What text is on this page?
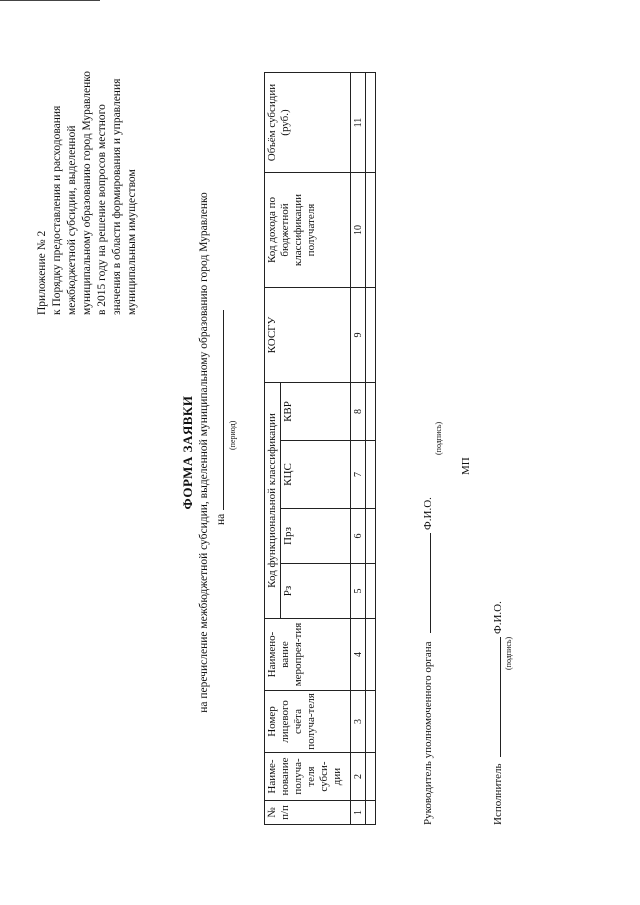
Приложение № 2 к Порядку предоставления и расходования межбюджетной субсидии, выделенной муниципальному образованию город Муравленко в 2015 году на решение вопросов местного значения в области формирования и управления муниципальным имуществом
ФОРМА ЗАЯВКИ на перечисление межбюджетной субсидии, выделенной муниципальному образованию город Муравленко на
(период)
№ п/п	Наиме-нование получа-теля субси-дии	Номер лицевого счёта получа-теля	Наимено-вание меропрея-тия	Код функциональной классификации				КОСГУ	Код дохода по бюджетной классификации получателя	Объём субсидии (руб.)
				Рз	Прз	КЦС	КВР			
1	2	3	4	5	6	7	8	9	10	11

Руководитель уполномоченного органа  Ф.И.О.
(подпись)
МП
Исполнитель  Ф.И.О.
(подпись)
